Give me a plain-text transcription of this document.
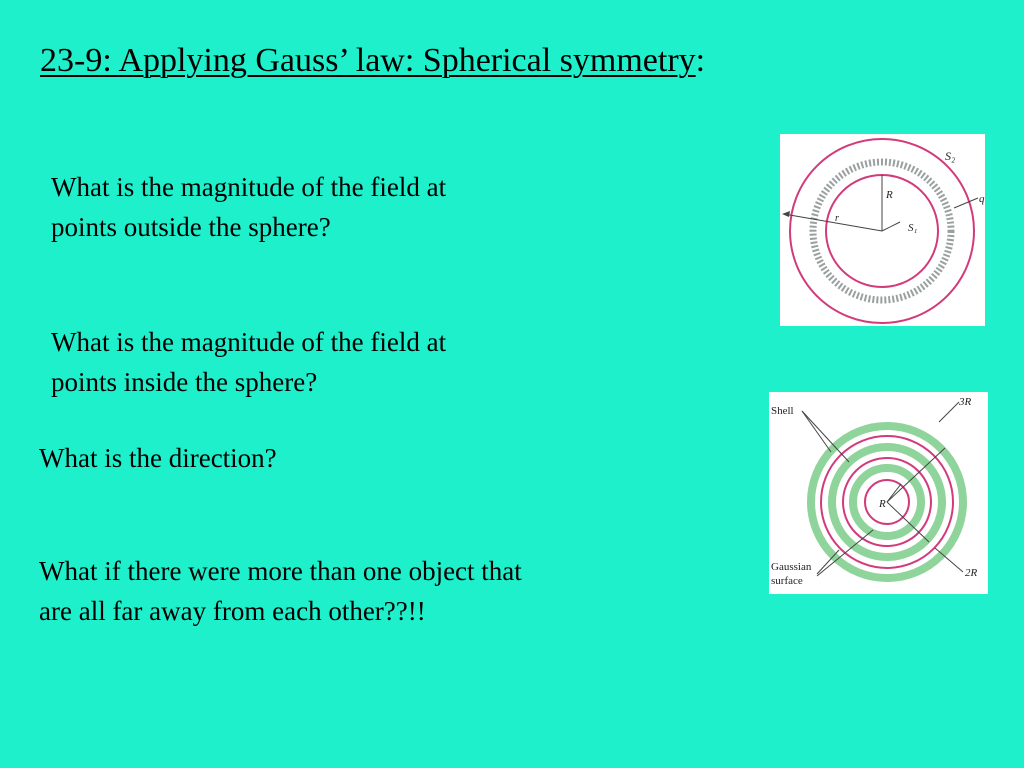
23-9: Applying Gauss’ law: Spherical symmetry:
What is the magnitude of the field at
points outside the sphere?
What is the magnitude of the field at
points inside the sphere?
What is the direction?
What if there were more than one object that
are all far away from each other??!!
S₂
S₁
R
r
q
Shell
3R
R
2R
Gaussian
surface
